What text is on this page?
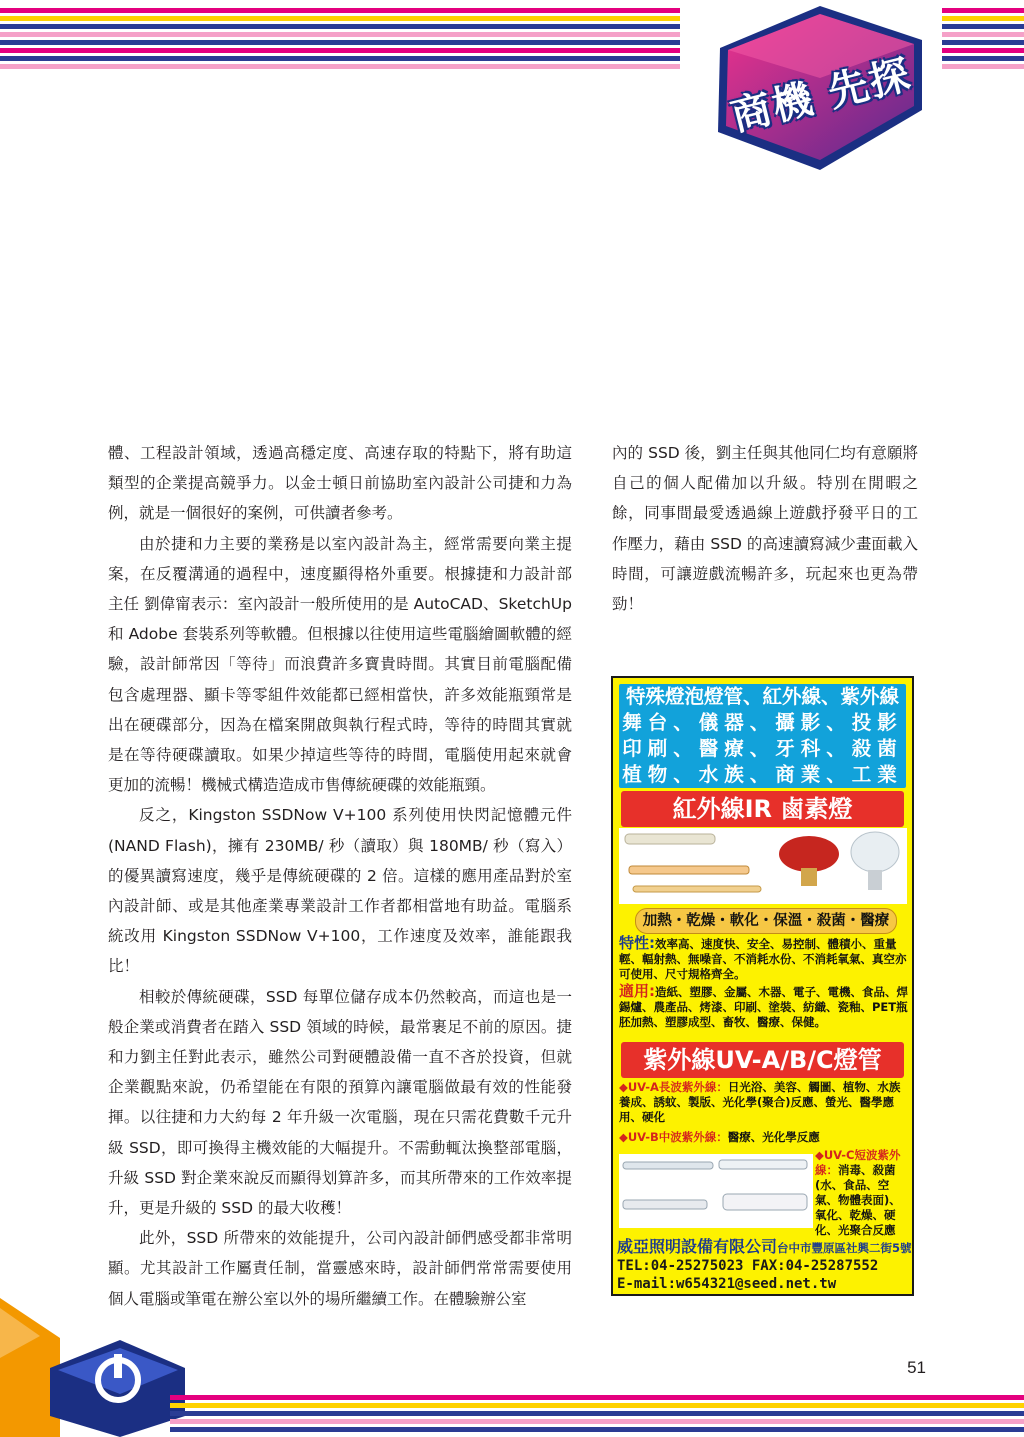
商機 先探

體、工程設計領域，透過高穩定度、高速存取的特點下，將有助這類型的企業提高競爭力。以金士頓日前協助室內設計公司捷和力為例，就是一個很好的案例，可供讀者參考。

由於捷和力主要的業務是以室內設計為主，經常需要向業主提案，在反覆溝通的過程中，速度顯得格外重要。根據捷和力設計部主任 劉偉甯表示：室內設計一般所使用的是 AutoCAD、SketchUp 和 Adobe 套裝系列等軟體。但根據以往使用這些電腦繪圖軟體的經驗，設計師常因「等待」而浪費許多寶貴時間。其實目前電腦配備包含處理器、顯卡等零組件效能都已經相當快，許多效能瓶頸常是出在硬碟部分，因為在檔案開啟與執行程式時，等待的時間其實就是在等待硬碟讀取。如果少掉這些等待的時間，電腦使用起來就會更加的流暢！機械式構造造成市售傳統硬碟的效能瓶頸。

反之，Kingston SSDNow V+100 系列使用快閃記憶體元件 (NAND Flash)，擁有 230MB/ 秒（讀取）與 180MB/ 秒（寫入）的優異讀寫速度，幾乎是傳統硬碟的 2 倍。這樣的應用產品對於室內設計師、或是其他產業專業設計工作者都相當地有助益。電腦系統改用 Kingston SSDNow V+100，工作速度及效率，誰能跟我比！

相較於傳統硬碟，SSD 每單位儲存成本仍然較高，而這也是一般企業或消費者在踏入 SSD 領域的時候，最常裹足不前的原因。捷和力劉主任對此表示，雖然公司對硬體設備一直不吝於投資，但就企業觀點來說，仍希望能在有限的預算內讓電腦做最有效的性能發揮。以往捷和力大約每 2 年升級一次電腦，現在只需花費數千元升級 SSD，即可換得主機效能的大幅提升。不需動輒汰換整部電腦，升級 SSD 對企業來說反而顯得划算許多，而其所帶來的工作效率提升，更是升級的 SSD 的最大收穫！

此外，SSD 所帶來的效能提升，公司內設計師們感受都非常明顯。尤其設計工作屬責任制，當靈感來時，設計師們常常需要使用個人電腦或筆電在辦公室以外的場所繼續工作。在體驗辦公室

內的 SSD 後，劉主任與其他同仁均有意願將自己的個人配備加以升級。特別在閒暇之餘，同事間最愛透過線上遊戲抒發平日的工作壓力，藉由 SSD 的高速讀寫減少畫面載入時間，可讓遊戲流暢許多，玩起來也更為帶勁！

特殊燈泡燈管、紅外線、紫外線
舞台、儀器、攝影、投影
印刷、醫療、牙科、殺菌
植物、水族、商業、工業
紅外線IR 鹵素燈
加熱・乾燥・軟化・保溫・殺菌・醫療
特性:效率高、速度快、安全、易控制、體積小、重量輕、輻射熱、無噪音、不消耗水份、不消耗氧氣、真空亦可使用、尺寸規格齊全。
適用:造紙、塑膠、金屬、木器、電子、電機、食品、焊錫爐、農產品、烤漆、印刷、塗裝、紡織、瓷釉、PET瓶胚加熱、塑膠成型、畜牧、醫療、保健。
紫外線UV-A/B/C燈管
◆UV-A長波紫外線：日光浴、美容、觸圖、植物、水族養成、誘蚊、製版、光化學(聚合)反應、螢光、醫學應用、硬化
◆UV-B中波紫外線：醫療、光化學反應
◆UV-C短波紫外線：消毒、殺菌(水、食品、空氣、物體表面)、氧化、乾燥、硬化、光聚合反應
威亞照明設備有限公司台中市豐原區社興二街5號
TEL:04-25275023 FAX:04-25287552
E-mail:w654321@seed.net.tw
51
